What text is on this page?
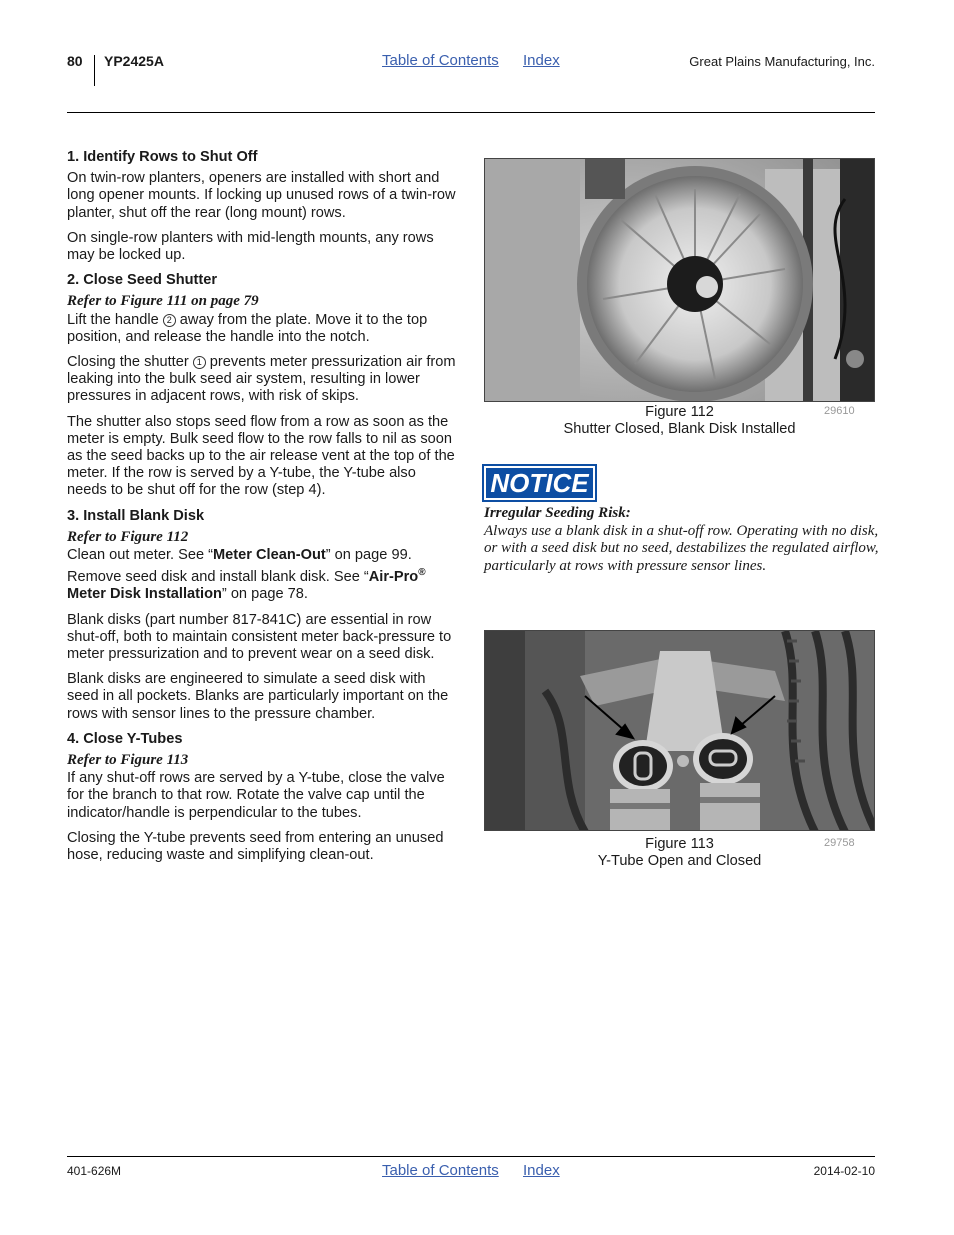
80 YP2425A	Table of Contents Index	Great Plains Manufacturing, Inc.
1. Identify Rows to Shut Off

On twin-row planters, openers are installed with short and long opener mounts. If locking up unused rows of a twin-row planter, shut off the rear (long mount) rows.

On single-row planters with mid-length mounts, any rows may be locked up.

2. Close Seed Shutter
Refer to Figure 111 on page 79

Lift the handle 2 away from the plate. Move it to the top position, and release the handle into the notch.

Closing the shutter 1 prevents meter pressurization air from leaking into the bulk seed air system, resulting in lower pressures in adjacent rows, with risk of skips.

The shutter also stops seed flow from a row as soon as the meter is empty. Bulk seed flow to the row falls to nil as soon as the seed backs up to the air release vent at the top of the meter. If the row is served by a Y-tube, the Y-tube also needs to be shut off for the row (step 4).

3. Install Blank Disk
Refer to Figure 112

Clean out meter. See “Meter Clean-Out” on page 99. Remove seed disk and install blank disk. See “Air-Pro® Meter Disk Installation” on page 78.

Blank disks (part number 817-841C) are essential in row shut-off, both to maintain consistent meter back-pressure to meter pressurization and to prevent wear on a seed disk.

Blank disks are engineered to simulate a seed disk with seed in all pockets. Blanks are particularly important on the rows with sensor lines to the pressure chamber.

4. Close Y-Tubes
Refer to Figure 113

If any shut-off rows are served by a Y-tube, close the valve for the branch to that row. Rotate the valve cap until the indicator/handle is perpendicular to the tubes.

Closing the Y-tube prevents seed from entering an unused hose, reducing waste and simplifying clean-out.

Figure 112
Shutter Closed, Blank Disk Installed
29610
NOTICE
Irregular Seeding Risk:
Always use a blank disk in a shut-off row. Operating with no disk, or with a seed disk but no seed, destabilizes the regulated airflow, particularly at rows with pressure sensor lines.
Figure 113
Y-Tube Open and Closed
29758
401-626M	Table of Contents Index	2014-02-10
